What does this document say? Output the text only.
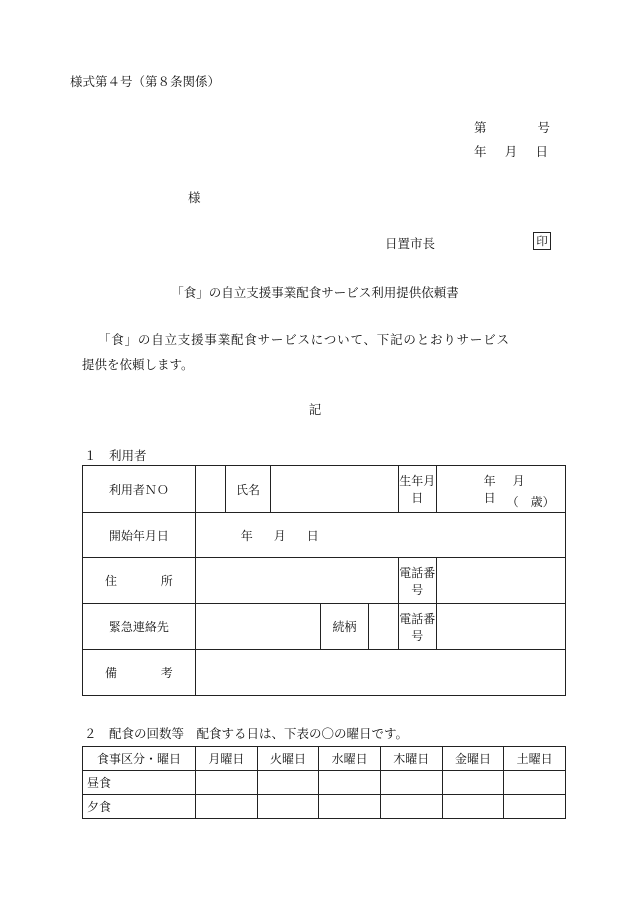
様式第４号（第８条関係）
第	号
年 月 日
様
日置市長	印
「食」の自立支援事業配食サービス利用提供依頼書
「食」の自立支援事業配食サービスについて、下記のとおりサービス
提供を依頼します。
記
１　利用者
利用者ＮＯ		氏名				生年月日	年 月日 （　歳）

開始年月日	年 月 日						

住 所						電話番号	
緊急連絡先				続柄		電話番号	

備 考							

２　配食の回数等　配食する日は、下表の〇の曜日です。
食事区分・曜日	月曜日	火曜日	水曜日	木曜日	金曜日	土曜日
昼食						
夕食						
